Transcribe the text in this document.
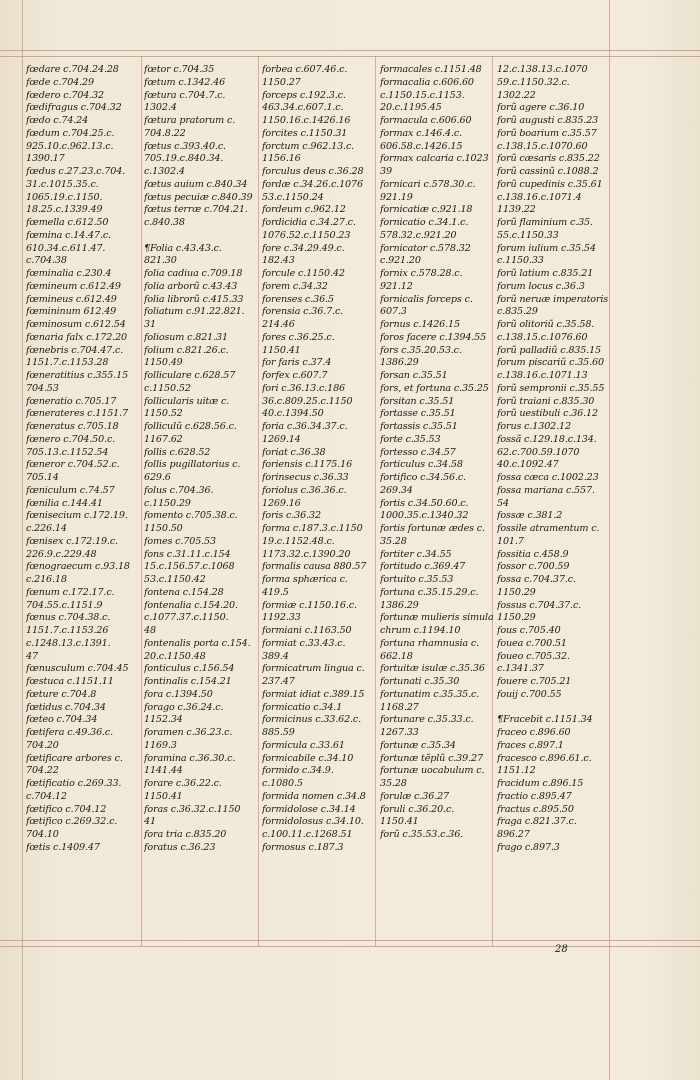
fœdare c.704.24.28
fœde c.704.29
fœdero c.704.32
fœdifragus c.704.32
fœdo c.74.24
fœdum c.704.25.c.
925.10.c.962.13.c.
1390.17
fœdus c.27.23.c.704.
31.c.1015.35.c.
1065.19.c.1150.
18.25.c.1339.49
fœmella c.612.50
fœmina c.14.47.c.
610.34.c.611.47.
c.704.38
fœminalia c.230.4
fœmineum c.612.49
fœmineus c.612.49
fœmininum 612.49
fœminosum c.612.54
fœnaria falx c.172.20
fœnebris c.704.47.c.
1151.7.c.1153.28
fœneratitius c.355.15
704.53
fœneratio c.705.17
fœnerateres c.1151.7
fœneratus c.705.18
fœnero c.704.50.c.
705.13.c.1152.54
fœneror c.704.52.c.
705.14
fœniculum c.74.57
fœnilia c.144.41
fœnisecium c.172.19.
c.226.14
fœnisex c.172.19.c.
226.9.c.229.48
fœnograecum c.93.18
c.216.18
fœnum c.172.17.c.
704.55.c.1151.9
fœnus c.704.38.c.
1151.7.c.1153.26
c.1248.13.c.1391.
47
fœnusculum c.704.45
fœstuca c.1151.11
fœture c.704.8
fœtidus c.704.34
fœteo c.704.34
fœtifera c.49.36.c.
704.20
fœtificare arbores c.
704.22
fœtificatio c.269.33.
c.704.12
fœtifico c.704.12
fœtifico c.269.32.c.
704.10
fœtis c.1409.47
fœtor c.704.35
fœtum c.1342.46
fœtura c.704.7.c.
1302.4
fœtura pratorum c.
704.8.22
fœtus c.393.40.c.
705.19.c.840.34.
c.1302.4
fœtus auium c.840.34
fœtus pecuiæ c.840.39
fœtus terræ c.704.21.
c.840.38

¶Folia c.43.43.c.
821.30
folia cadiua c.709.18
folia arborũ c.43.43
folia librorũ c.415.33
foliatum c.91.22.821.
31
foliosum c.821.31
folium c.821.26.c.
1150.49
folliculare c.628.57
c.1150.52
follicularis uitæ c.
1150.52
folliculũ c.628.56.c.
1167.62
follis c.628.52
follis pugillatorius c.
629.6
folus c.704.36.
c.1150.29
fomento c.705.38.c.
1150.50
fomes c.705.53
fons c.31.11.c.154
15.c.156.57.c.1068
53.c.1150.42
fontena c.154.28
fontenalia c.154.20.
c.1077.37.c.1150.
48
fontenalis porta c.154.
20.c.1150.48
fonticulus c.156.54
fontinalis c.154.21
fora c.1394.50
forago c.36.24.c.
1152.34
foramen c.36.23.c.
1169.3
foramina c.36.30.c.
1141.44
forare c.36.22.c.
1150.41
foras c.36.32.c.1150
41
fora tria c.835.20
foratus c.36.23
forbea c.607.46.c.
1150.27
forceps c.192.3.c.
463.34.c.607.1.c.
1150.16.c.1426.16
forcites c.1150.31
forctum c.962.13.c.
1156.16
forculus deus c.36.28
fordæ c.34.26.c.1076
53.c.1150.24
fordeum c.962.12
fordicidia c.34.27.c.
1076.52.c.1150.23
fore c.34.29.49.c.
182.43
forcule c.1150.42
forem c.34.32
forenses c.36.5
forensia c.36.7.c.
214.46
fores c.36.25.c.
1150.41
for faris c.37.4
forfex c.607.7
fori c.36.13.c.186
36.c.809.25.c.1150
40.c.1394.50
foria c.36.34.37.c.
1269.14
foriat c.36.38
foriensis c.1175.16
forinsecus c.36.33
foriolus c.36.36.c.
1269.16
foris c.36.32
forma c.187.3.c.1150
19.c.1152.48.c.
1173.32.c.1390.20
formalis causa 880.57
forma sphærica c.
419.5
formiæ c.1150.16.c.
1192.33
formiani c.1163.50
formiat c.33.43.c.
389.4
formicatrum lingua c.
237.47
formiat idiat c.389.15
formicatio c.34.1
formicinus c.33.62.c.
885.59
formicula c.33.61
formicabile c.34.10
formido c.34.9.
c.1080.5
formida nomen c.34.8
formidolose c.34.14
formidolosus c.34.10.
c.100.11.c.1268.51
formosus c.187.3
formacales c.1151.48
formacalia c.606.60
c.1150.15.c.1153.
20.c.1195.45
formacula c.606.60
formax c.146.4.c.
606.58.c.1426.15
formax calcaria c.1023
39
fornicari c.578.30.c.
921.19
fornicatiæ c.921.18
fornicatio c.34.1.c.
578.32.c.921.20
fornicator c.578.32
c.921.20
fornix c.578.28.c.
921.12
fornicalis forceps c.
607.3
fornus c.1426.15
foros facere c.1394.55
fors c.35.20.53.c.
1386.29
forsan c.35.51
fors, et fortuna c.35.25
forsitan c.35.51
fortasse c.35.51
fortassis c.35.51
forte c.35.53
fortesso c.34.57
forticulus c.34.58
fortifico c.34.56.c.
269.34
fortis c.34.50.60.c.
1000.35.c.1340.32
fortis fortunæ ædes c.
35.28
fortiter c.34.55
fortitudo c.369.47
fortuito c.35.53
fortuna c.35.15.29.c.
1386.29
fortunæ mulieris simula
chrum c.1194.10
fortuna rhamnusia c.
662.18
fortuitæ isulæ c.35.36
fortunati c.35.30
fortunatim c.35.35.c.
1168.27
fortunare c.35.33.c.
1267.33
fortunæ c.35.34
fortunæ tẽplũ c.39.27
fortunæ uocabulum c.
35.28
forulæ c.36.27
foruli c.36.20.c.
1150.41
forũ c.35.53.c.36.
12.c.138.13.c.1070
59.c.1150.32.c.
1302.22
forũ agere c.36.10
forũ augusti c.835.23
forũ boarium c.35.57
c.138.15.c.1070.60
forũ cæsaris c.835.22
forũ cassinũ c.1088.2
forũ cupedinis c.35.61
c.138.16.c.1071.4
1139.22
forũ flaminium c.35.
55.c.1150.33
forum iulium c.35.54
c.1150.33
forũ latium c.835.21
forum locus c.36.3
forũ neruæ imperatoris
c.835.29
forũ olitoriũ c.35.58.
c.138.15.c.1076.60
forũ palladiũ c.835.15
forum piscariũ c.35.60
c.138.16.c.1071.13
forũ sempronii c.35.55
forũ traiani c.835.30
forũ uestibuli c.36.12
forus c.1302.12
fossã c.129.18.c.134.
62.c.700.59.1070
40.c.1092.47
fossa cæca c.1002.23
fossa mariana c.557.
54
fossæ c.381.2
fossile atramentum c.
101.7
fossitia c.458.9
fossor c.700.59
fossa c.704.37.c.
1150.29
fossus c.704.37.c.
1150.29
fous c.705.40
fouea c.700.51
foueo c.705.32.
c.1341.37
fouere c.705.21
fouij c.700.55

¶Fracebit c.1151.34
fraceo c.896.60
fraces c.897.1
fracesco c.896.61.c.
1151.12
fracidum c.896.15
fractio c.895.47
fractus c.895.50
fraga c.821.37.c.
896.27
frago c.897.3
28
